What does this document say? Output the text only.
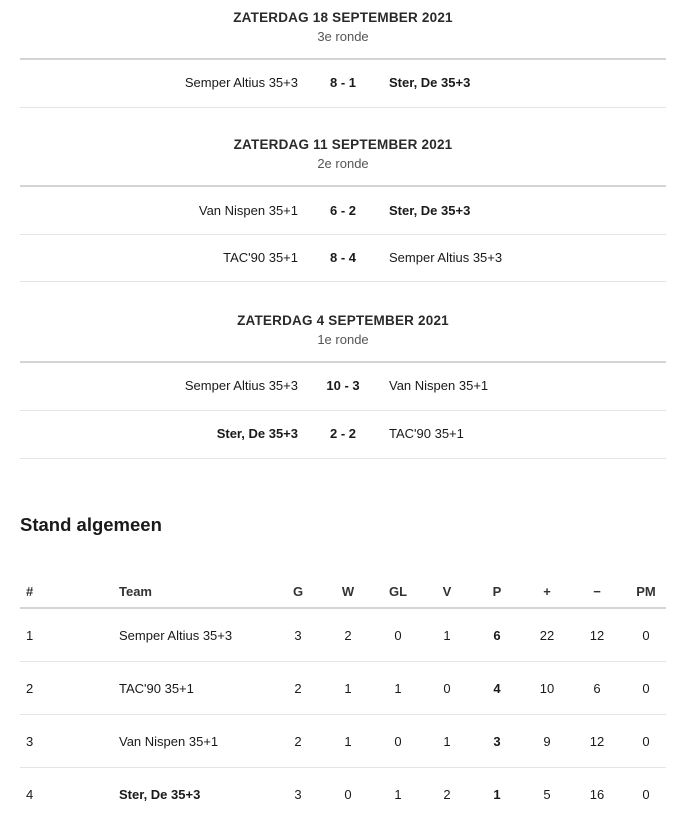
ZATERDAG 18 SEPTEMBER 2021
3e ronde
Semper Altius 35+3	8 - 1	Ster, De 35+3
ZATERDAG 11 SEPTEMBER 2021
2e ronde
Van Nispen 35+1	6 - 2	Ster, De 35+3
TAC'90 35+1	8 - 4	Semper Altius 35+3
ZATERDAG 4 SEPTEMBER 2021
1e ronde
Semper Altius 35+3	10 - 3	Van Nispen 35+1
Ster, De 35+3	2 - 2	TAC'90 35+1
Stand algemeen
#	Team	G	W	GL	V	P	+	−	PM
1	Semper Altius 35+3	3	2	0	1	6	22	12	0
2	TAC'90 35+1	2	1	1	0	4	10	6	0
3	Van Nispen 35+1	2	1	0	1	3	9	12	0
4	Ster, De 35+3	3	0	1	2	1	5	16	0
